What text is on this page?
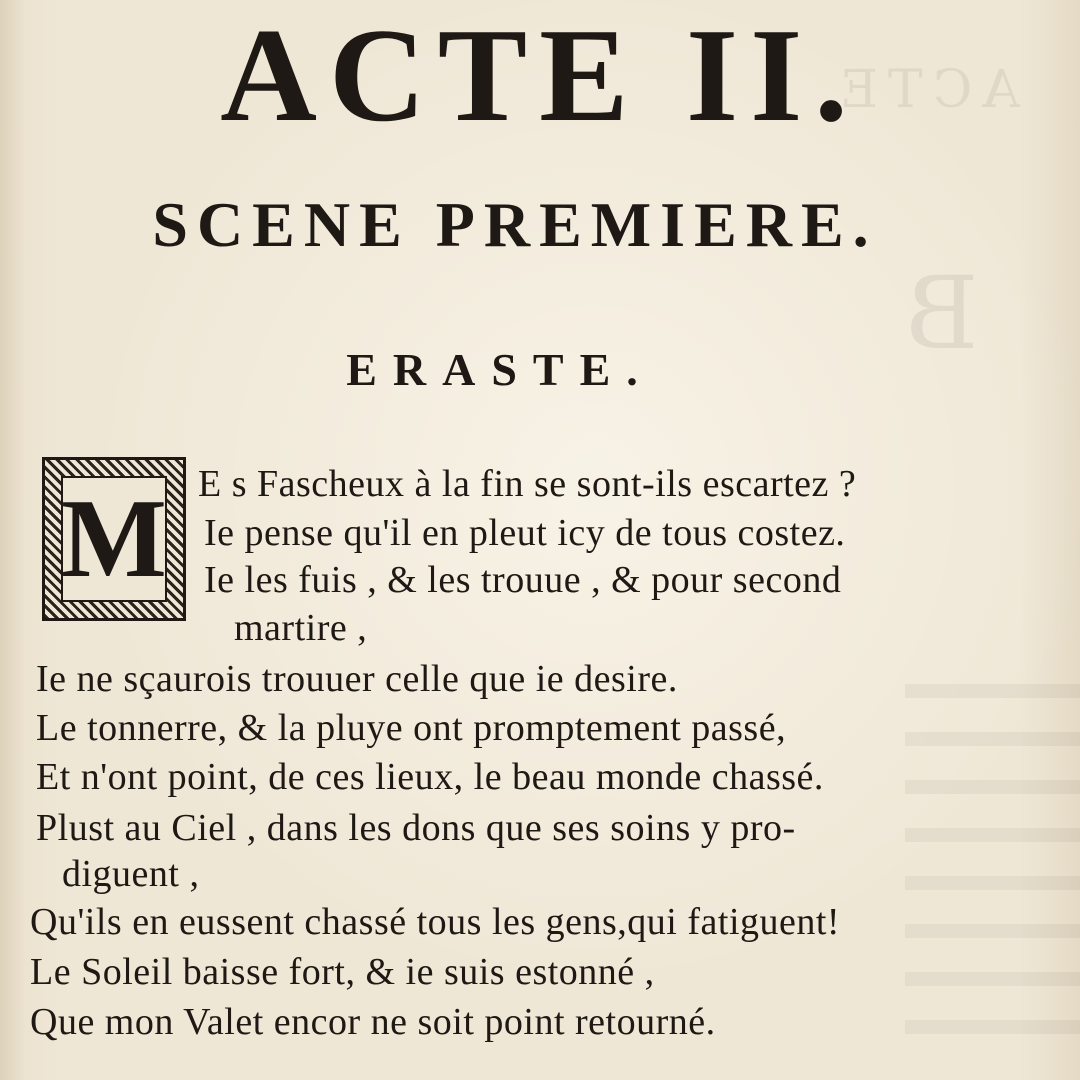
B
ACTE
ACTE II.
SCENE PREMIERE.
ERASTE.
M E s Fascheux à la fin se sont-ils escartez ?
Ie pense qu'il en pleut icy de tous costez.
Ie les fuis , & les trouue , & pour second
martire ,
Ie ne sçaurois trouuer celle que ie desire.
Le tonnerre, & la pluye ont promptement passé,
Et n'ont point, de ces lieux, le beau monde chassé.
Plust au Ciel , dans les dons que ses soins y pro-
diguent ,
Qu'ils en eussent chassé tous les gens,qui fatiguent!
Le Soleil baisse fort, & ie suis estonné ,
Que mon Valet encor ne soit point retourné.
